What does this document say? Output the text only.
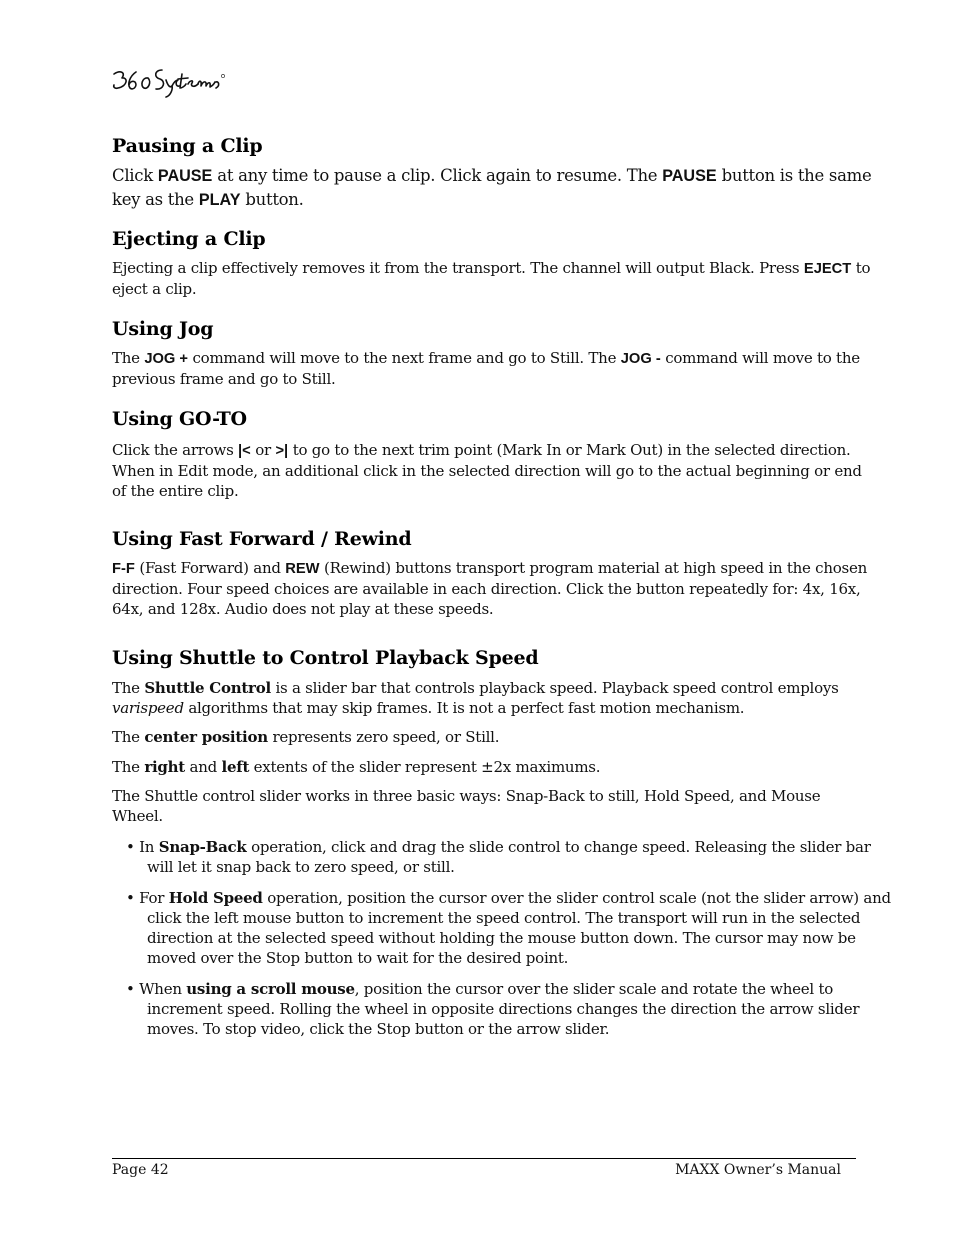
Pausing a Clip
Click PAUSE at any time to pause a clip. Click again to resume. The PAUSE button is the same key as the PLAY button.
Ejecting a Clip
Ejecting a clip effectively removes it from the transport. The channel will output Black. Press EJECT to eject a clip.
Using Jog
The JOG + command will move to the next frame and go to Still. The JOG - command will move to the previous frame and go to Still.
Using GO-TO
Click the arrows |< or >| to go to the next trim point (Mark In or Mark Out) in the selected direction. When in Edit mode, an additional click in the selected direction will go to the actual beginning or end of the entire clip.
Using Fast Forward / Rewind
F-F (Fast Forward) and REW (Rewind) buttons transport program material at high speed in the chosen direction. Four speed choices are available in each direction. Click the button repeatedly for: 4x, 16x, 64x, and 128x. Audio does not play at these speeds.
Using Shuttle to Control Playback Speed
The Shuttle Control is a slider bar that controls playback speed. Playback speed control employs varispeed algorithms that may skip frames. It is not a perfect fast motion mechanism.
The center position represents zero speed, or Still.
The right and left extents of the slider represent ±2x maximums.
The Shuttle control slider works in three basic ways: Snap-Back to still, Hold Speed, and Mouse Wheel.
• In Snap-Back operation, click and drag the slide control to change speed. Releasing the slider bar will let it snap back to zero speed, or still.
• For Hold Speed operation, position the cursor over the slider control scale (not the slider arrow) and click the left mouse button to increment the speed control. The transport will run in the selected direction at the selected speed without holding the mouse button down. The cursor may now be moved over the Stop button to wait for the desired point.
• When using a scroll mouse, position the cursor over the slider scale and rotate the wheel to increment speed. Rolling the wheel in opposite directions changes the direction the arrow slider moves. To stop video, click the Stop button or the arrow slider.
Page 42	MAXX Owner’s Manual
